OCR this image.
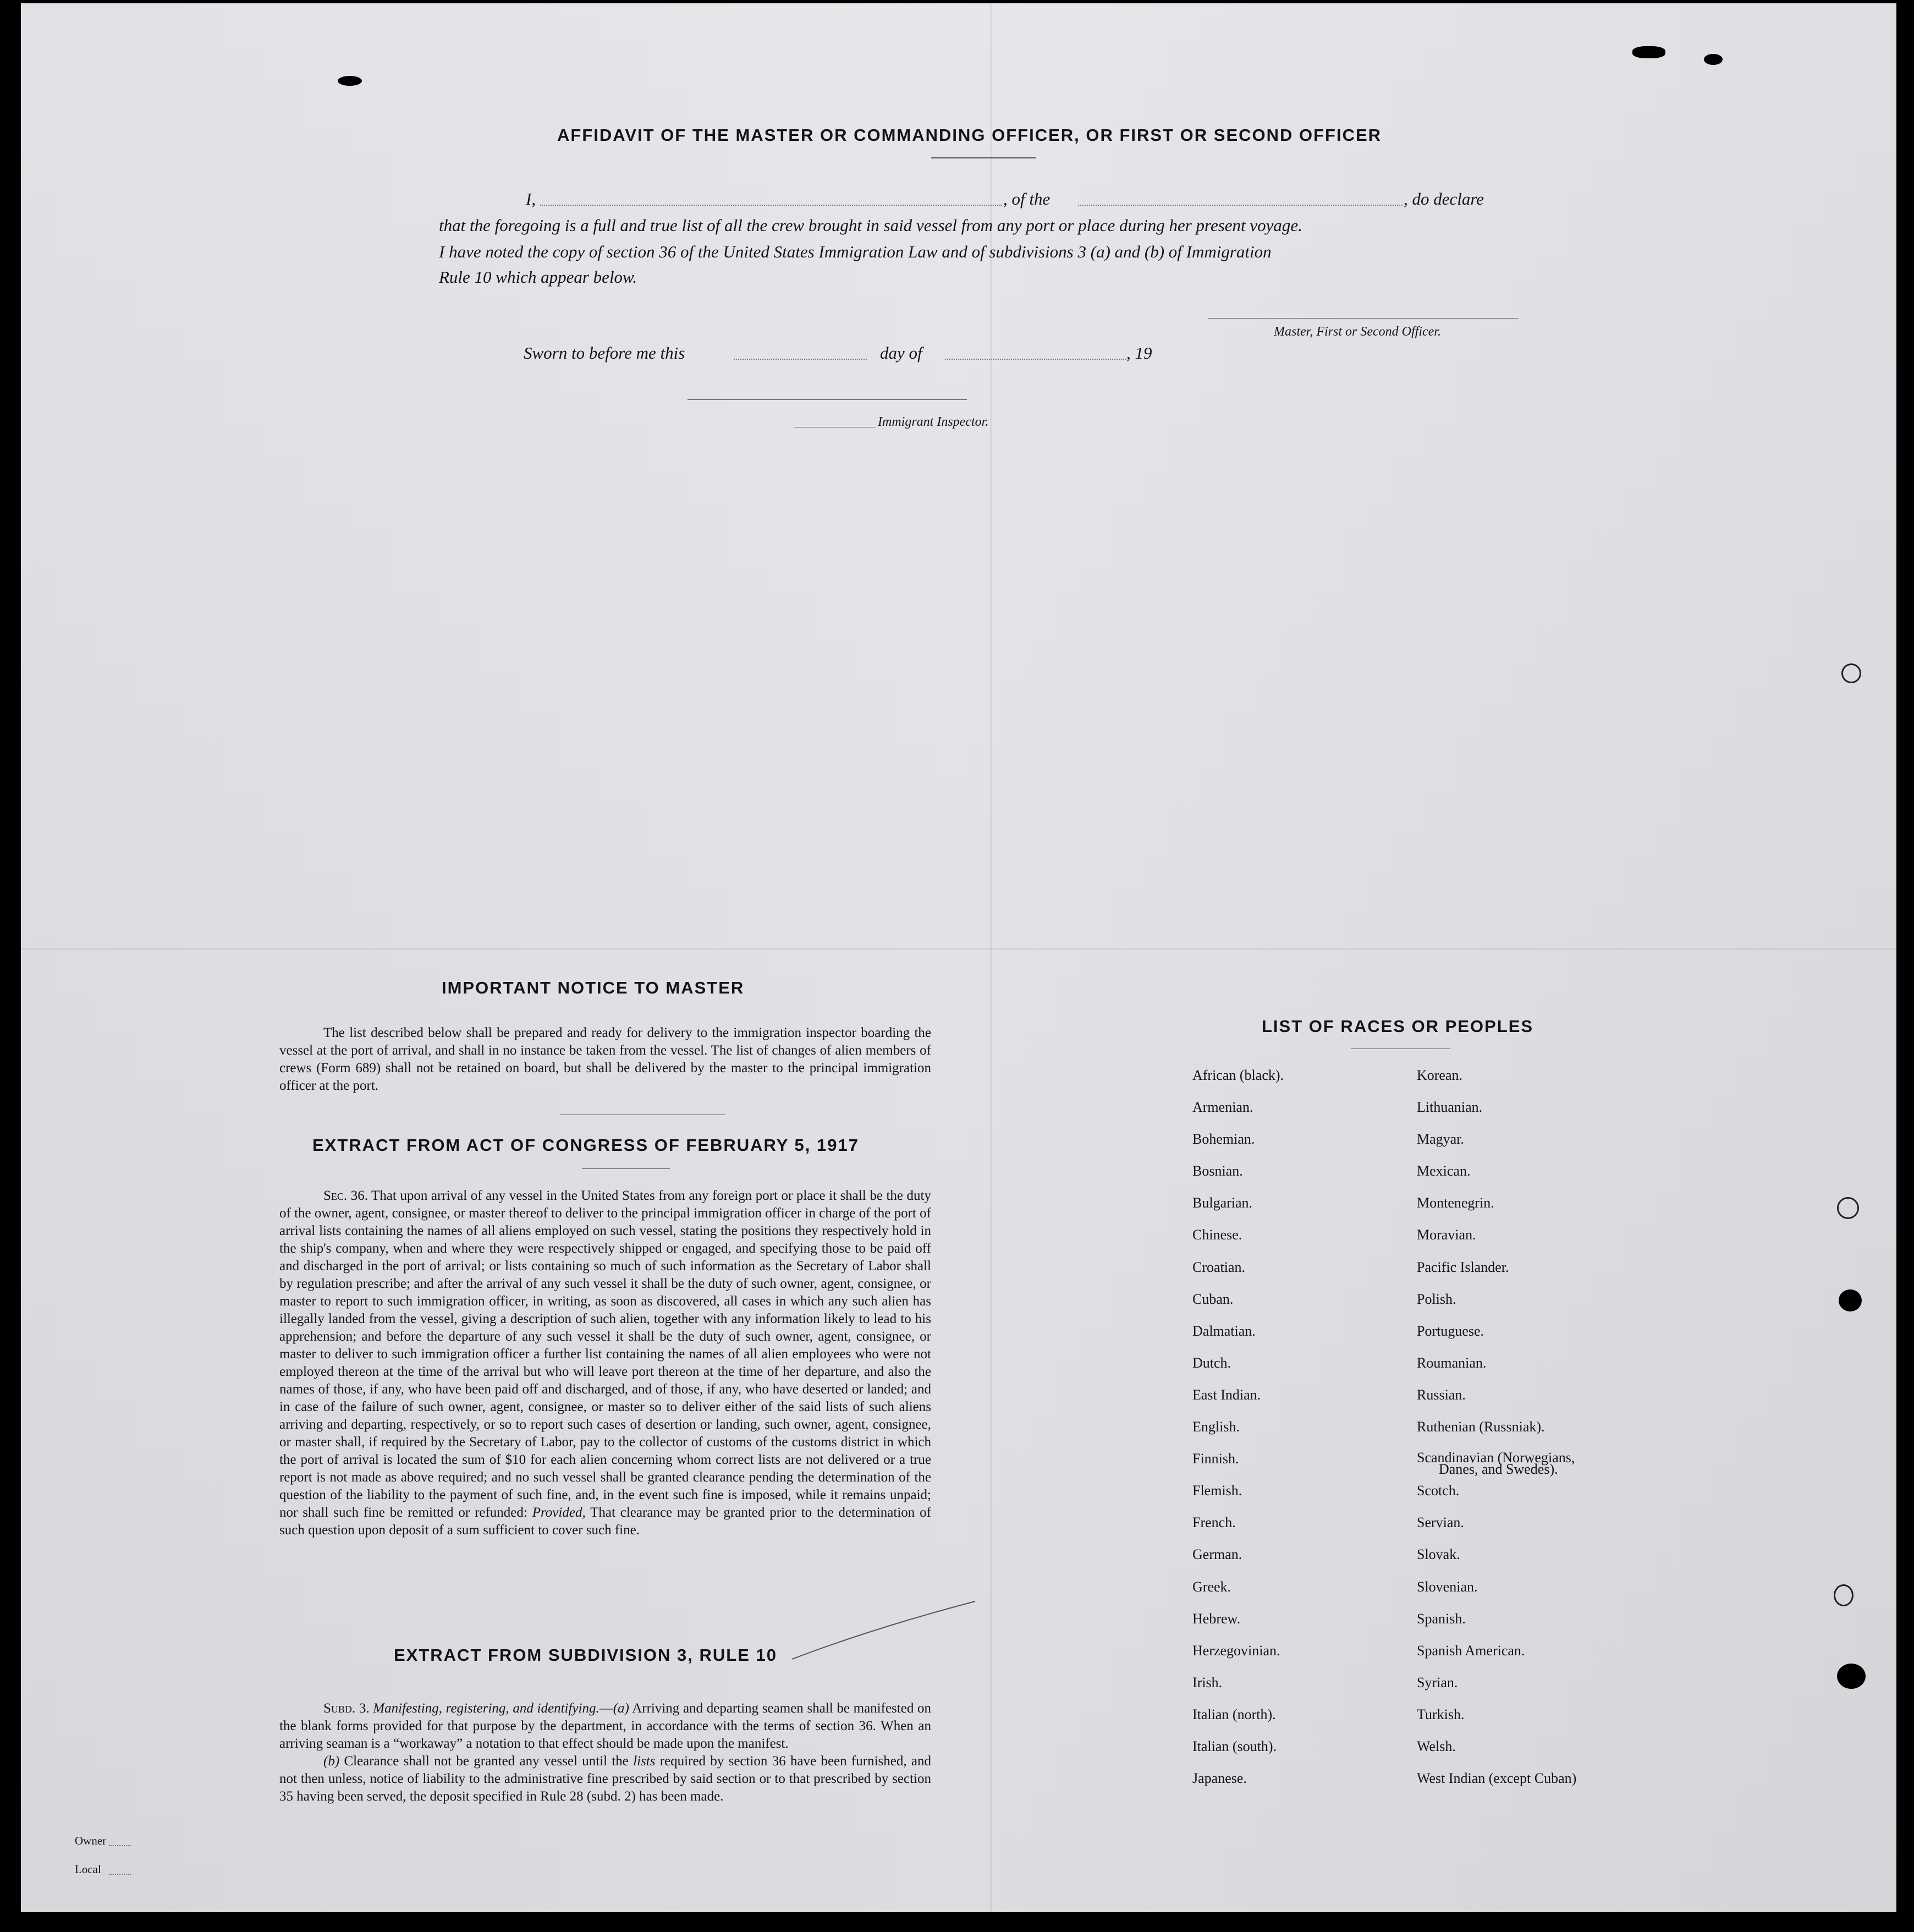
AFFIDAVIT OF THE MASTER OR COMMANDING OFFICER, OR FIRST OR SECOND OFFICER
I,	, of the	, do declare
that the foregoing is a full and true list of all the crew brought in said vessel from any port or place during her present voyage.
I have noted the copy of section 36 of the United States Immigration Law and of subdivisions 3 (a) and (b) of Immigration
Rule 10 which appear below.
Master, First or Second Officer.
Sworn to before me this	day of	, 19
Immigrant Inspector.
IMPORTANT NOTICE TO MASTER
The list described below shall be prepared and ready for delivery to the immigration inspector boarding the vessel at the port of arrival, and shall in no instance be taken from the vessel. The list of changes of alien members of crews (Form 689) shall not be retained on board, but shall be delivered by the master to the principal immigration officer at the port.
EXTRACT FROM ACT OF CONGRESS OF FEBRUARY 5, 1917
Sec. 36. That upon arrival of any vessel in the United States from any foreign port or place it shall be the duty of the owner, agent, consignee, or master thereof to deliver to the principal immigration officer in charge of the port of arrival lists containing the names of all aliens employed on such vessel, stating the positions they respectively hold in the ship's company, when and where they were respectively shipped or engaged, and specifying those to be paid off and discharged in the port of arrival; or lists containing so much of such information as the Secretary of Labor shall by regulation prescribe; and after the arrival of any such vessel it shall be the duty of such owner, agent, consignee, or master to report to such immigration officer, in writing, as soon as discovered, all cases in which any such alien has illegally landed from the vessel, giving a description of such alien, together with any information likely to lead to his apprehension; and before the departure of any such vessel it shall be the duty of such owner, agent, consignee, or master to deliver to such immigration officer a further list containing the names of all alien employees who were not employed thereon at the time of the arrival but who will leave port thereon at the time of her departure, and also the names of those, if any, who have been paid off and discharged, and of those, if any, who have deserted or landed; and in case of the failure of such owner, agent, consignee, or master so to deliver either of the said lists of such aliens arriving and departing, respectively, or so to report such cases of desertion or landing, such owner, agent, consignee, or master shall, if required by the Secretary of Labor, pay to the collector of customs of the customs district in which the port of arrival is located the sum of $10 for each alien concerning whom correct lists are not delivered or a true report is not made as above required; and no such vessel shall be granted clearance pending the determination of the question of the liability to the payment of such fine, and, in the event such fine is imposed, while it remains unpaid; nor shall such fine be remitted or refunded: Provided, That clearance may be granted prior to the determination of such question upon deposit of a sum sufficient to cover such fine.
EXTRACT FROM SUBDIVISION 3, RULE 10
Subd. 3. Manifesting, registering, and identifying.—(a) Arriving and departing seamen shall be manifested on the blank forms provided for that purpose by the department, in accordance with the terms of section 36. When an arriving seaman is a “workaway” a notation to that effect should be made upon the manifest.
(b) Clearance shall not be granted any vessel until the lists required by section 36 have been furnished, and not then unless, notice of liability to the administrative fine prescribed by said section or to that prescribed by section 35 having been served, the deposit specified in Rule 28 (subd. 2) has been made.
Owner
Local
LIST OF RACES OR PEOPLES
African (black).
Armenian.
Bohemian.
Bosnian.
Bulgarian.
Chinese.
Croatian.
Cuban.
Dalmatian.
Dutch.
East Indian.
English.
Finnish.
Flemish.
French.
German.
Greek.
Hebrew.
Herzegovinian.
Irish.
Italian (north).
Italian (south).
Japanese.
Korean.
Lithuanian.
Magyar.
Mexican.
Montenegrin.
Moravian.
Pacific Islander.
Polish.
Portuguese.
Roumanian.
Russian.
Ruthenian (Russniak).
Scandinavian (Norwegians,
Scotch.
Servian.
Slovak.
Slovenian.
Spanish.
Spanish American.
Syrian.
Turkish.
Welsh.
West Indian (except Cuban)
Danes, and Swedes).
